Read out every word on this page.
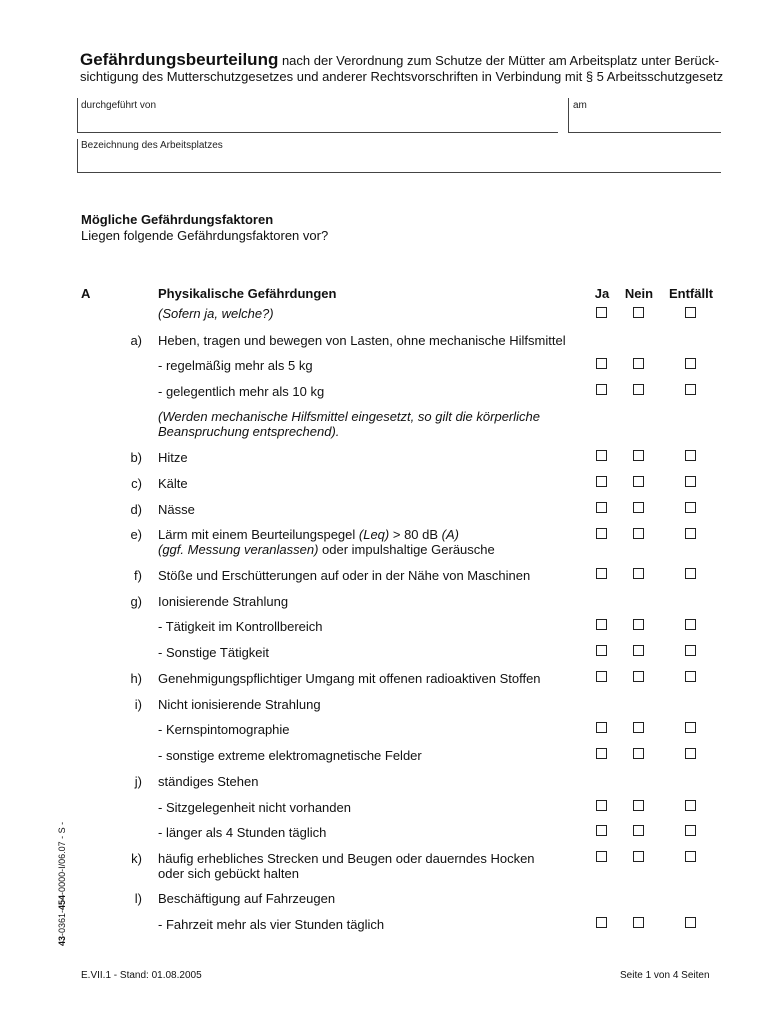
Gefährdungsbeurteilung nach der Verordnung zum Schutze der Mütter am Arbeitsplatz unter Berück-sichtigung des Mutterschutzgesetzes und anderer Rechtsvorschriften in Verbindung mit § 5 Arbeitsschutzgesetz
durchgeführt von	am
Bezeichnung des Arbeitsplatzes
Mögliche Gefährdungsfaktoren
Liegen folgende Gefährdungsfaktoren vor?
A	Physikalische Gefährdungen	Ja	Nein	Entfällt
(Sofern ja, welche?)
a) Heben, tragen und bewegen von Lasten, ohne mechanische Hilfsmittel
- regelmäßig mehr als 5 kg
- gelegentlich mehr als 10 kg
(Werden mechanische Hilfsmittel eingesetzt, so gilt die körperliche Beanspruchung entsprechend).
b) Hitze
c) Kälte
d) Nässe
e) Lärm mit einem Beurteilungspegel (Leq) > 80 dB (A)
(ggf. Messung veranlassen) oder impulshaltige Geräusche
f) Stöße und Erschütterungen auf oder in der Nähe von Maschinen
g) Ionisierende Strahlung
- Tätigkeit im Kontrollbereich
- Sonstige Tätigkeit
h) Genehmigungspflichtiger Umgang mit offenen radioaktiven Stoffen
i) Nicht ionisierende Strahlung
- Kernspintomographie
- sonstige extreme elektromagnetische Felder
j) ständiges Stehen
- Sitzgelegenheit nicht vorhanden
- länger als 4 Stunden täglich
k) häufig erhebliches Strecken und Beugen oder dauerndes Hocken oder sich gebückt halten
l) Beschäftigung auf Fahrzeugen
- Fahrzeit mehr als vier Stunden täglich
43-0361-454-0000-I/06.07 - S -
E.VII.1 - Stand: 01.08.2005	Seite 1 von 4 Seiten
